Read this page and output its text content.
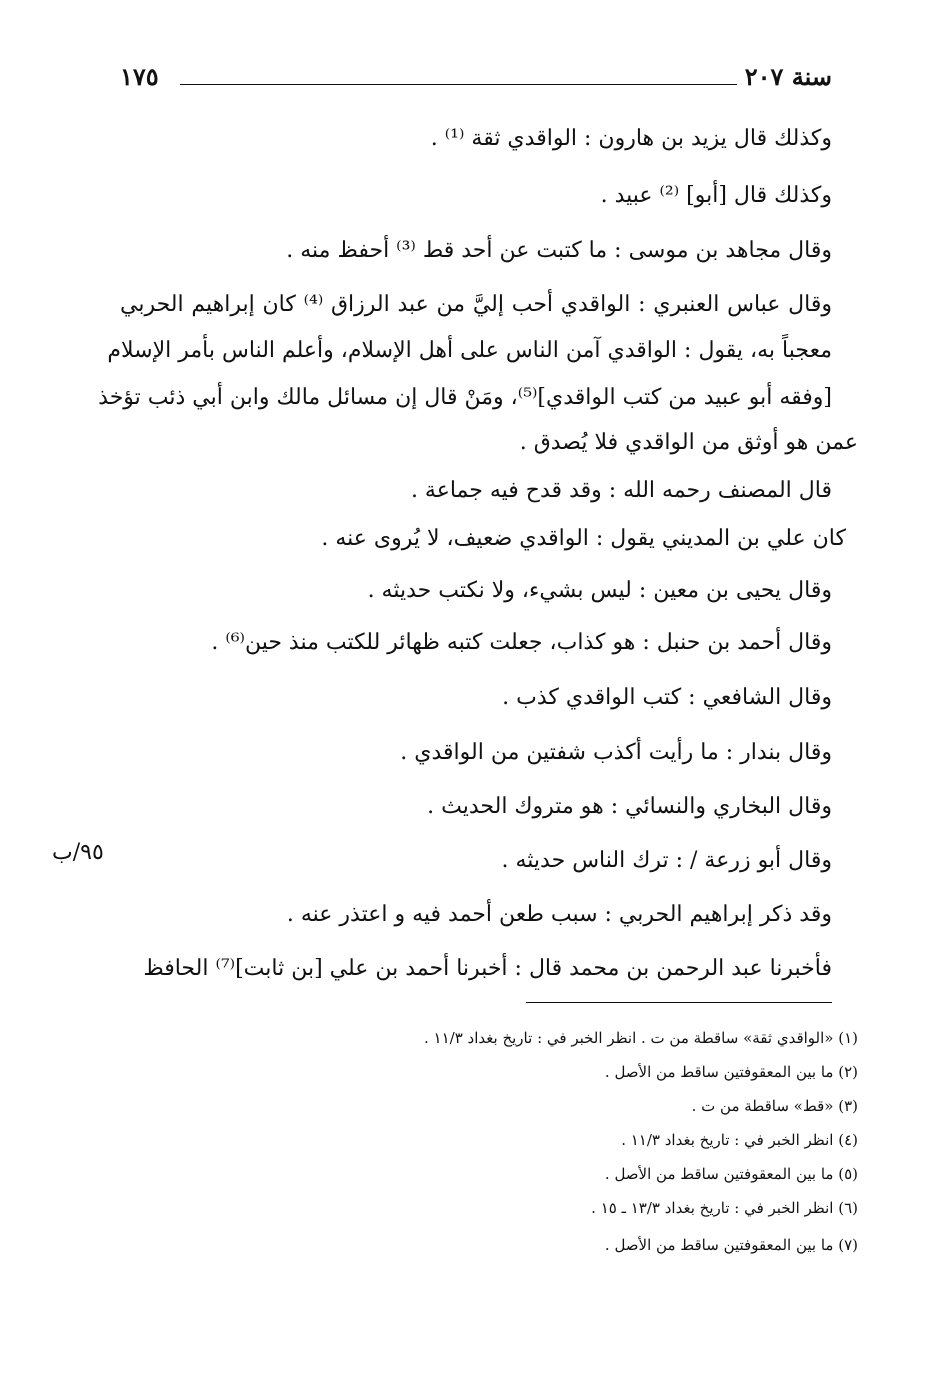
سنة ٢٠٧
١٧٥
وكذلك قال يزيد بن هارون : الواقدي ثقة ⁽¹⁾ .
وكذلك قال [أبو] ⁽²⁾ عبيد .
وقال مجاهد بن موسى : ما كتبت عن أحد قط ⁽³⁾ أحفظ منه .
وقال عباس العنبري : الواقدي أحب إليَّ من عبد الرزاق ⁽⁴⁾ كان إبراهيم الحربي
معجباً به، يقول : الواقدي آمن الناس على أهل الإسلام، وأعلم الناس بأمر الإسلام
[وفقه أبو عبيد من كتب الواقدي]⁽⁵⁾، ومَنْ قال إن مسائل مالك وابن أبي ذئب تؤخذ
عمن هو أوثق من الواقدي فلا يُصدق .
قال المصنف رحمه الله : وقد قدح فيه جماعة .
كان علي بن المديني يقول : الواقدي ضعيف، لا يُروى عنه .
وقال يحيى بن معين : ليس بشيء، ولا نكتب حديثه .
وقال أحمد بن حنبل : هو كذاب، جعلت كتبه ظهائر للكتب منذ حين⁽⁶⁾ .
وقال الشافعي : كتب الواقدي كذب .
وقال بندار : ما رأيت أكذب شفتين من الواقدي .
وقال البخاري والنسائي : هو متروك الحديث .
وقال أبو زرعة / : ترك الناس حديثه .
وقد ذكر إبراهيم الحربي : سبب طعن أحمد فيه و اعتذر عنه .
فأخبرنا عبد الرحمن بن محمد قال : أخبرنا أحمد بن علي [بن ثابت]⁽⁷⁾ الحافظ
٩٥/ب
(١) «الواقدي ثقة» ساقطة من ت . انظر الخبر في : تاريخ بغداد ١١/٣ .
(٢) ما بين المعقوفتين ساقط من الأصل .
(٣) «قط» ساقطة من ت .
(٤) انظر الخبر في : تاريخ بغداد ١١/٣ .
(٥) ما بين المعقوفتين ساقط من الأصل .
(٦) انظر الخبر في : تاريخ بغداد ١٣/٣ ـ ١٥ .
(٧) ما بين المعقوفتين ساقط من الأصل .
